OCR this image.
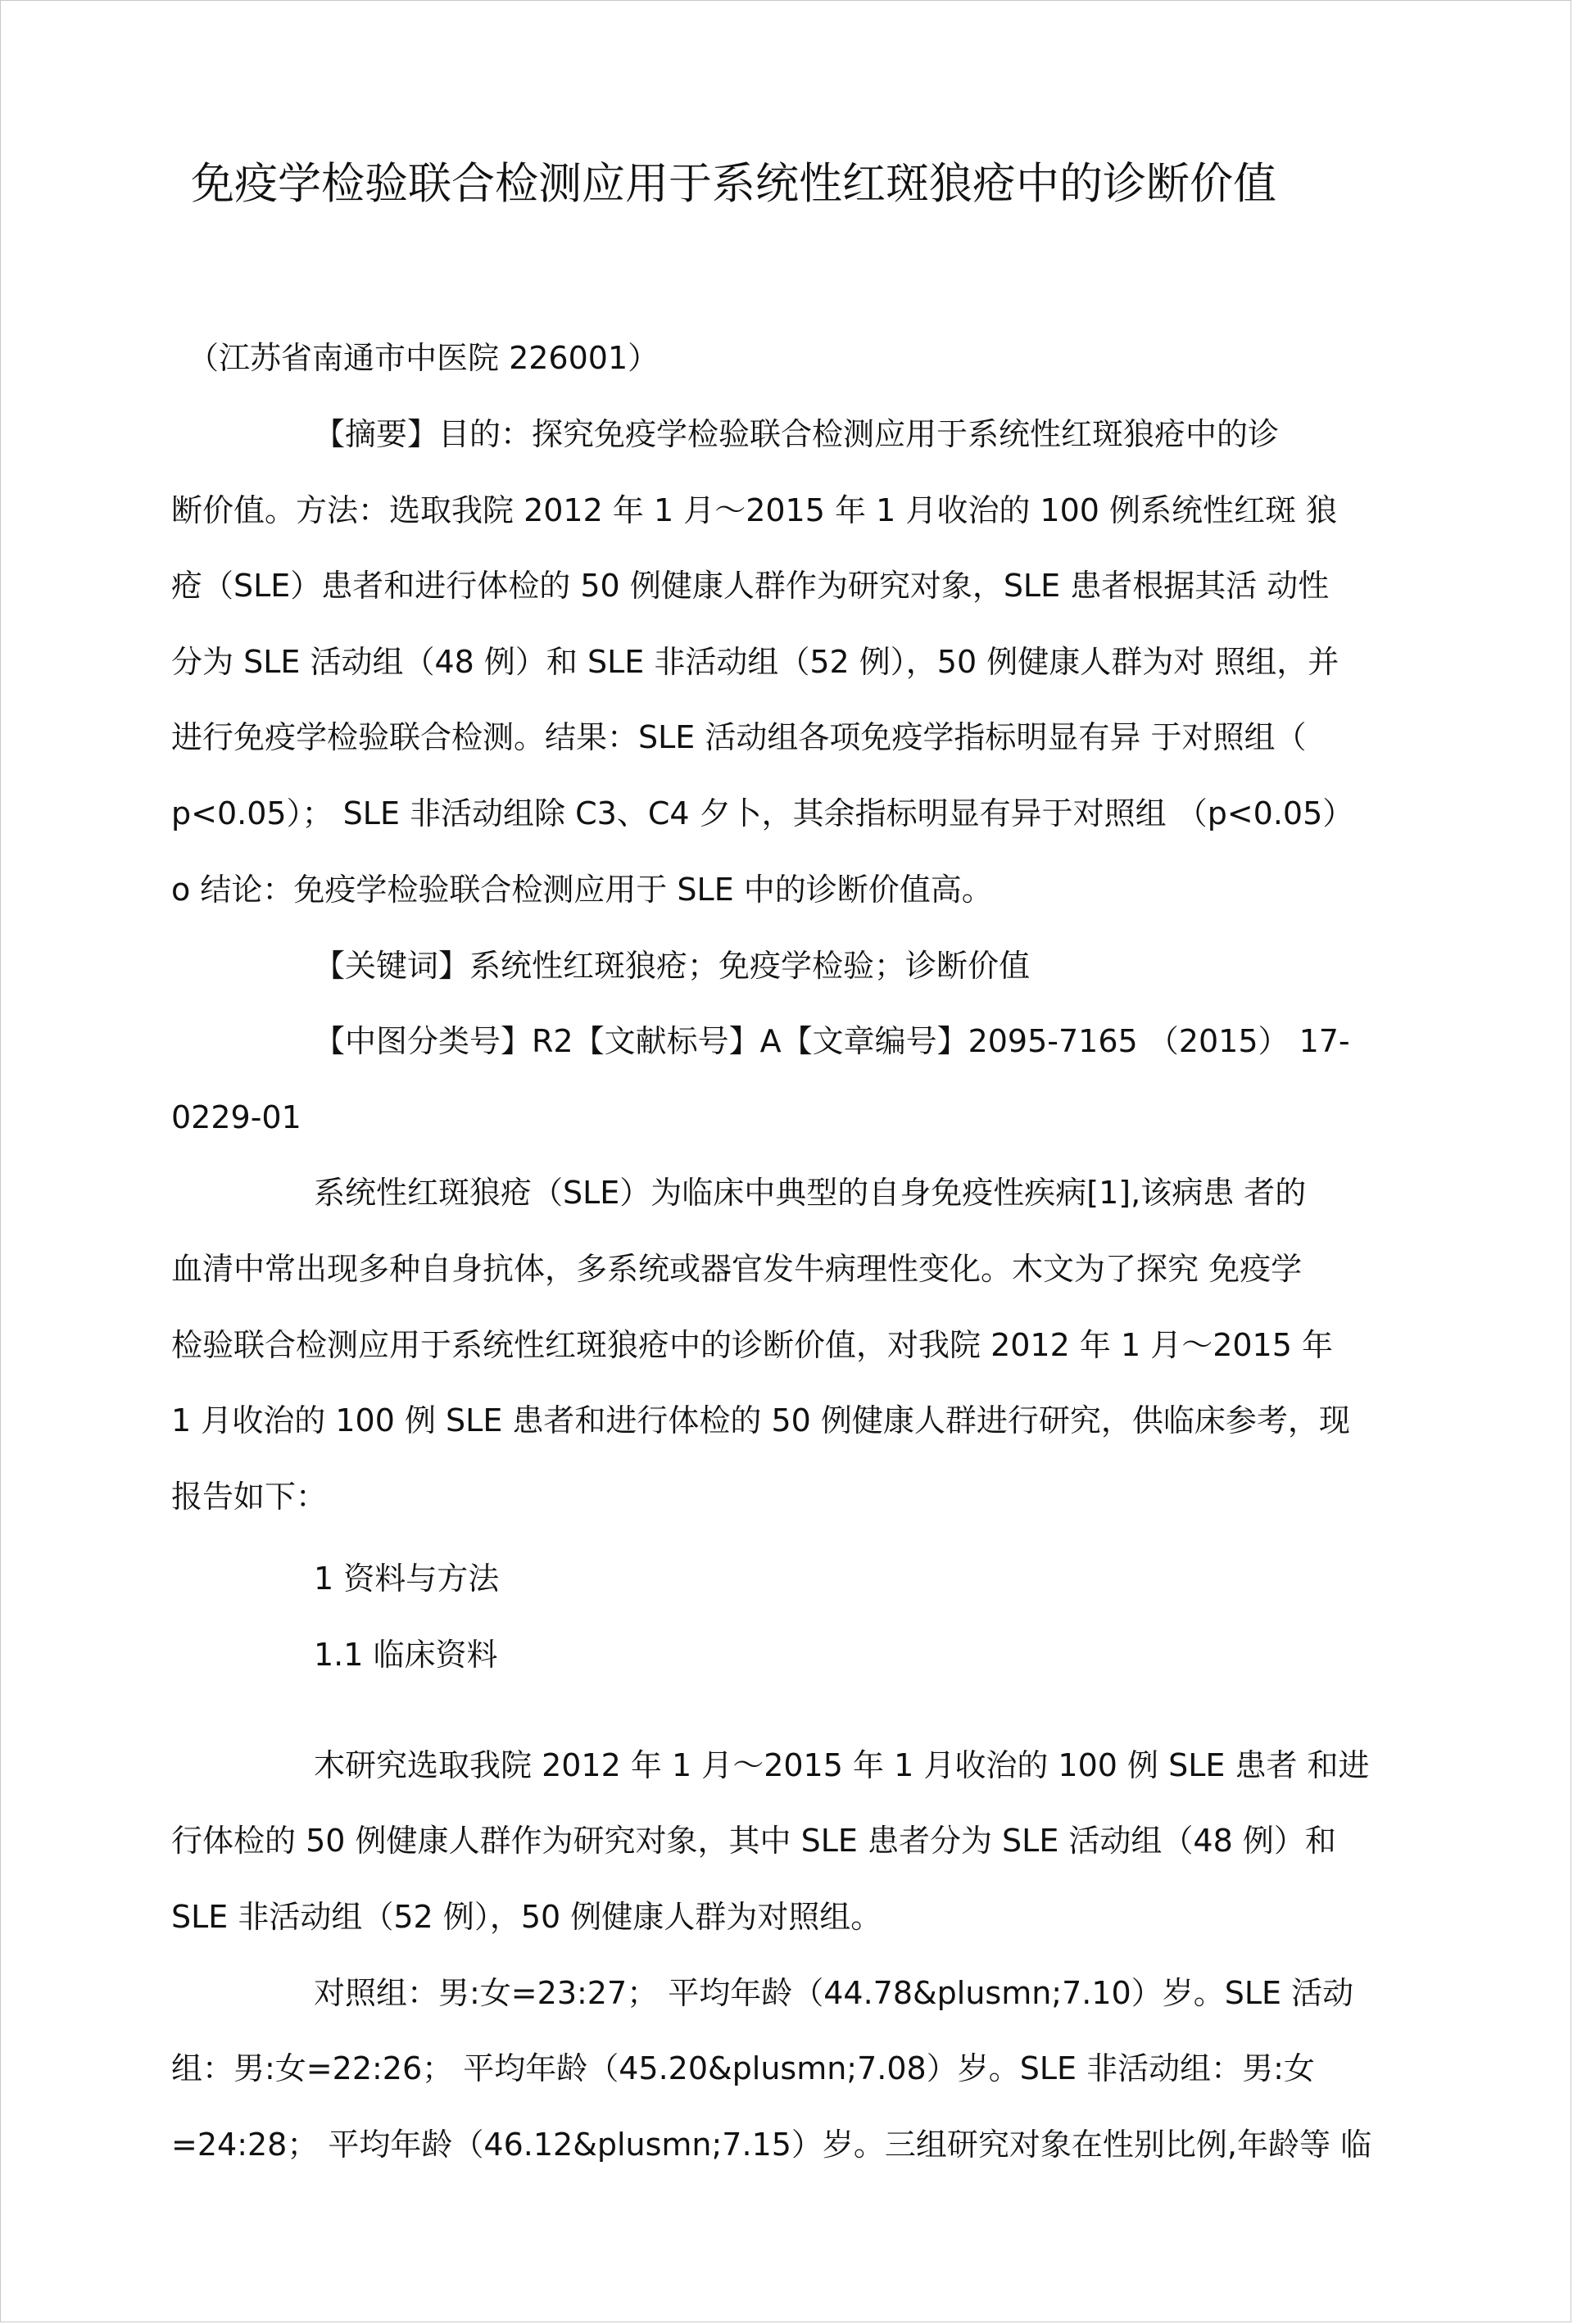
免疫学检验联合检测应用于系统性红斑狼疮中的诊断价值

（江苏省南通市中医院 226001）

【摘要】目的：探究免疫学检验联合检测应用于系统性红斑狼疮中的诊

断价值。方法：选取我院 2012 年 1 月～2015 年 1 月收治的 100 例系统性红斑 狼

疮（SLE）患者和进行体检的 50 例健康人群作为研究对象，SLE 患者根据其活 动性

分为 SLE 活动组（48 例）和 SLE 非活动组（52 例），50 例健康人群为对 照组，并

进行免疫学检验联合检测。结果：SLE 活动组各项免疫学指标明显有异 于对照组（

p<0.05）； SLE 非活动组除 C3、C4 夕卜，其余指标明显有异于对照组 （p<0.05）

o 结论：免疫学检验联合检测应用于 SLE 中的诊断价值高。

【关键词】系统性红斑狼疮；免疫学检验；诊断价值

【中图分类号】R2【文献标号】A【文章编号】2095-7165 （2015） 17-

0229-01

系统性红斑狼疮（SLE）为临床中典型的自身免疫性疾病[1],该病患 者的

血清中常出现多种自身抗体，多系统或器官发牛病理性变化。木文为了探究 免疫学

检验联合检测应用于系统性红斑狼疮中的诊断价值，对我院 2012 年 1 月～2015 年

1 月收治的 100 例 SLE 患者和进行体检的 50 例健康人群进行研究，供临床参考，现

报告如下：

1 资料与方法

1.1 临床资料

木研究选取我院 2012 年 1 月～2015 年 1 月收治的 100 例 SLE 患者 和进

行体检的 50 例健康人群作为研究对象，其中 SLE 患者分为 SLE 活动组（48 例）和

SLE 非活动组（52 例），50 例健康人群为对照组。

对照组：男:女=23:27； 平均年龄（44.78&plusmn;7.10）岁。SLE 活动

组：男:女=22:26； 平均年龄（45.20&plusmn;7.08）岁。SLE 非活动组：男:女

=24:28； 平均年龄（46.12&plusmn;7.15）岁。三组研究对象在性别比例,年龄等 临
